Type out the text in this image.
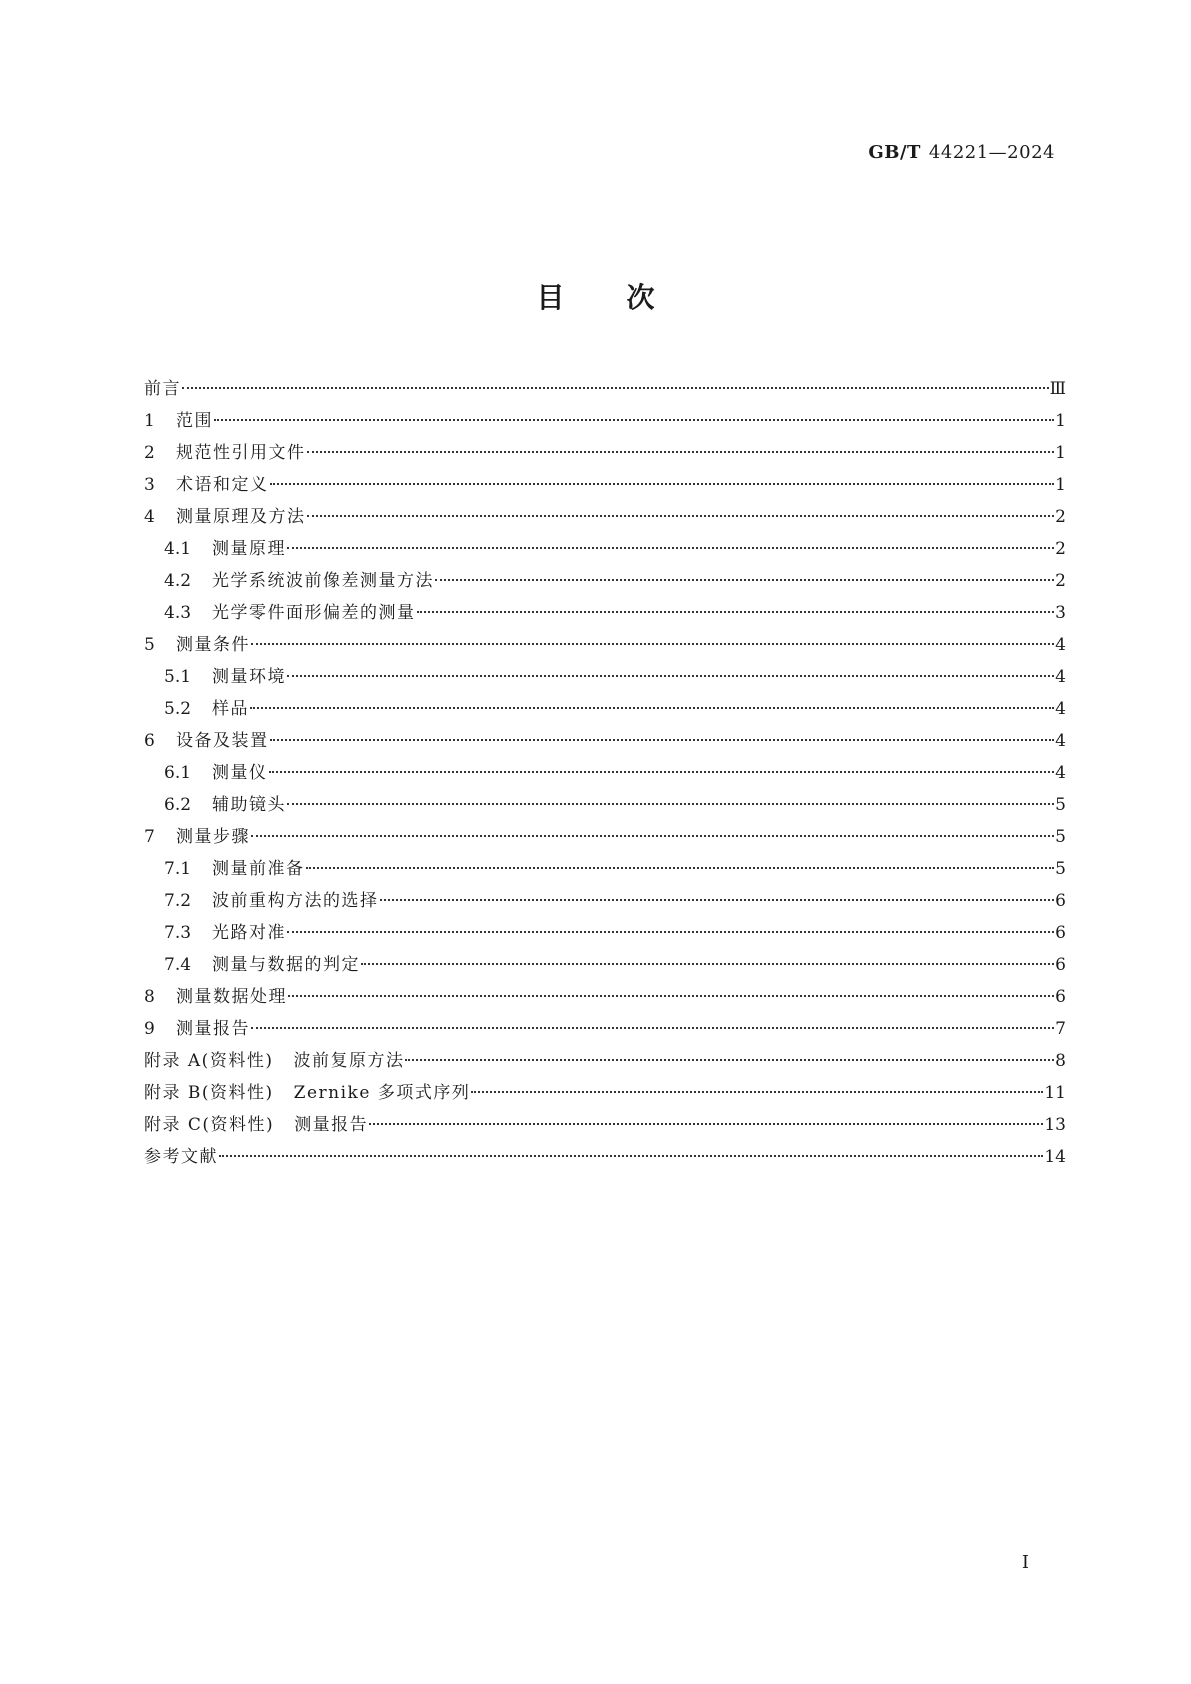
GB/T 44221—2024
目次
前言	Ⅲ
1	范围	1
2	规范性引用文件	1
3	术语和定义	1
4	测量原理及方法	2
4.1	测量原理	2
4.2	光学系统波前像差测量方法	2
4.3	光学零件面形偏差的测量	3
5	测量条件	4
5.1	测量环境	4
5.2	样品	4
6	设备及装置	4
6.1	测量仪	4
6.2	辅助镜头	5
7	测量步骤	5
7.1	测量前准备	5
7.2	波前重构方法的选择	6
7.3	光路对准	6
7.4	测量与数据的判定	6
8	测量数据处理	6
9	测量报告	7
附录 A(资料性) 波前复原方法	8
附录 B(资料性) Zernike 多项式序列	11
附录 C(资料性) 测量报告	13
参考文献	14
I
